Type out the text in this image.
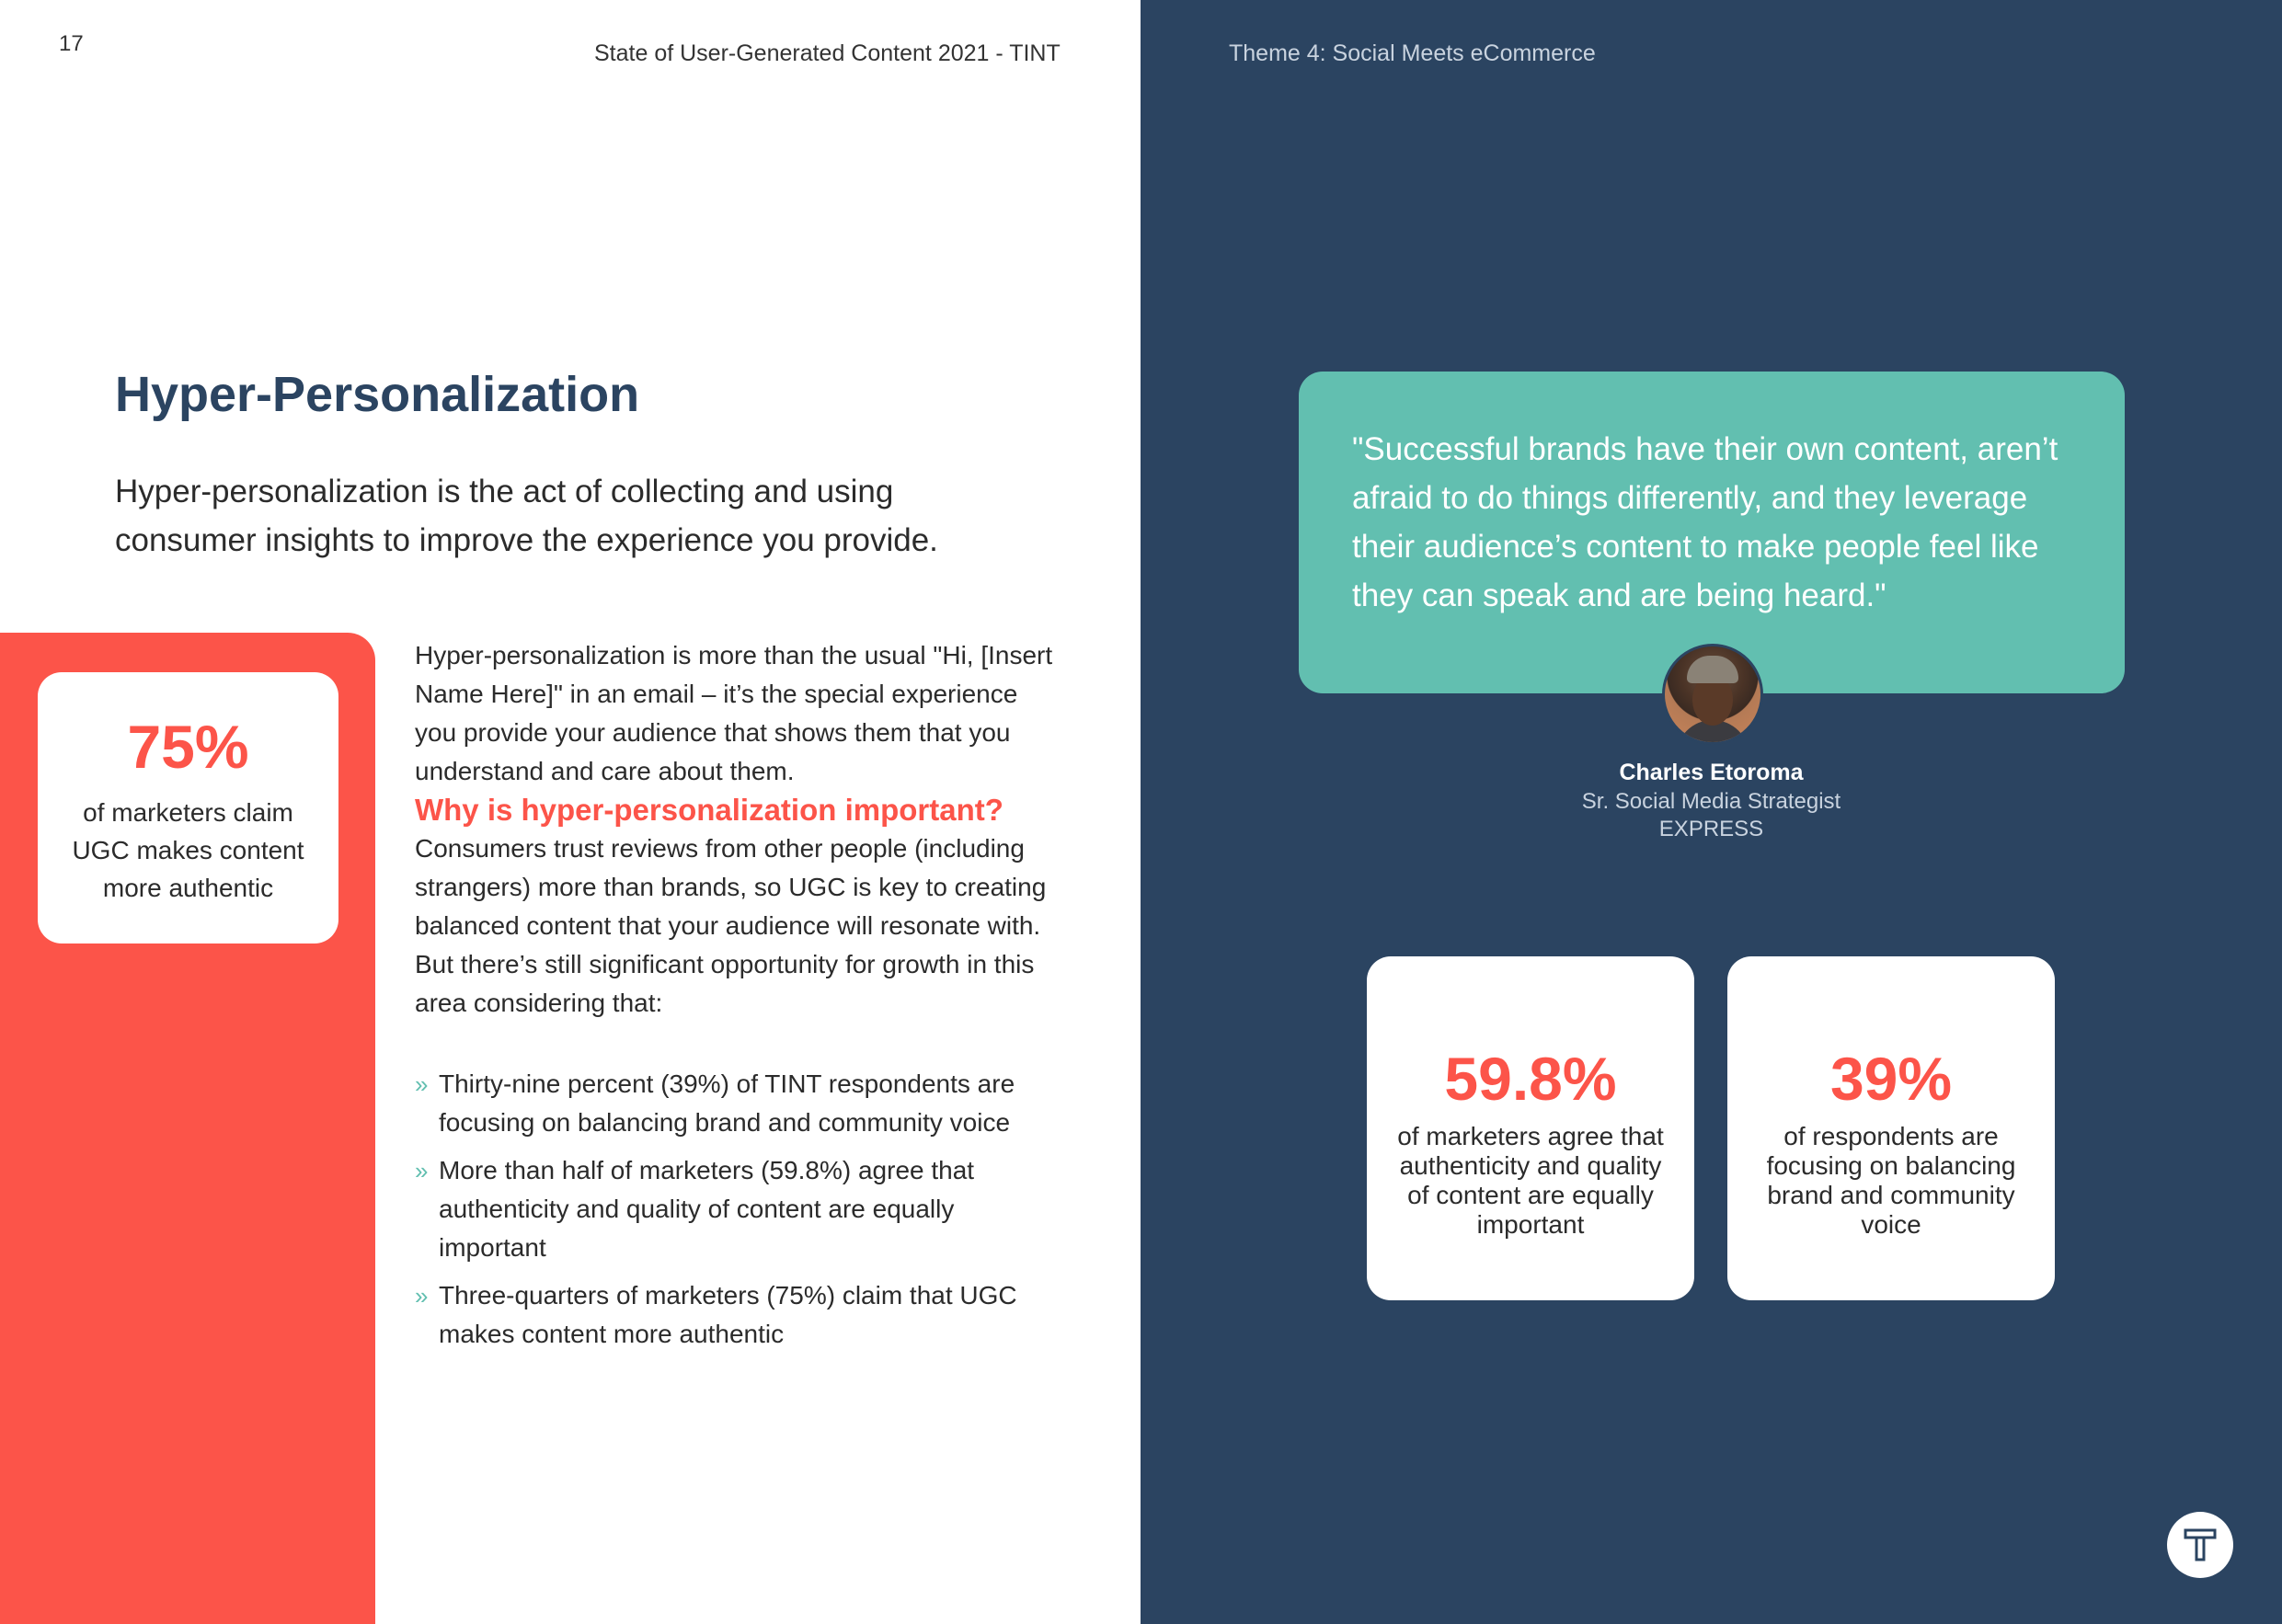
17	State of User-Generated Content 2021 - TINT
Hyper-Personalization
Hyper-personalization is the act of collecting and using consumer insights to improve the experience you provide.
75%
of marketers claim UGC makes content more authentic

Hyper-personalization is more than the usual "Hi, [Insert Name Here]" in an email – it’s the special experience you provide your audience that shows them that you understand and care about them.

Why is hyper-personalization important?

Consumers trust reviews from other people (including strangers) more than brands, so UGC is key to creating balanced content that your audience will resonate with. But there’s still significant opportunity for growth in this area considering that:

» Thirty-nine percent (39%) of TINT respondents are focusing on balancing brand and community voice
» More than half of marketers (59.8%) agree that authenticity and quality of content are equally important
» Three-quarters of marketers (75%) claim that UGC makes content more authentic
Theme 4: Social Meets eCommerce
"Successful brands have their own content, aren’t afraid to do things differently, and they leverage their audience’s content to make people feel like they can speak and are being heard."
Charles Etoroma
Sr. Social Media Strategist
EXPRESS
59.8%
of marketers agree that authenticity and quality of content are equally important
39%
of respondents are focusing on balancing brand and community voice
